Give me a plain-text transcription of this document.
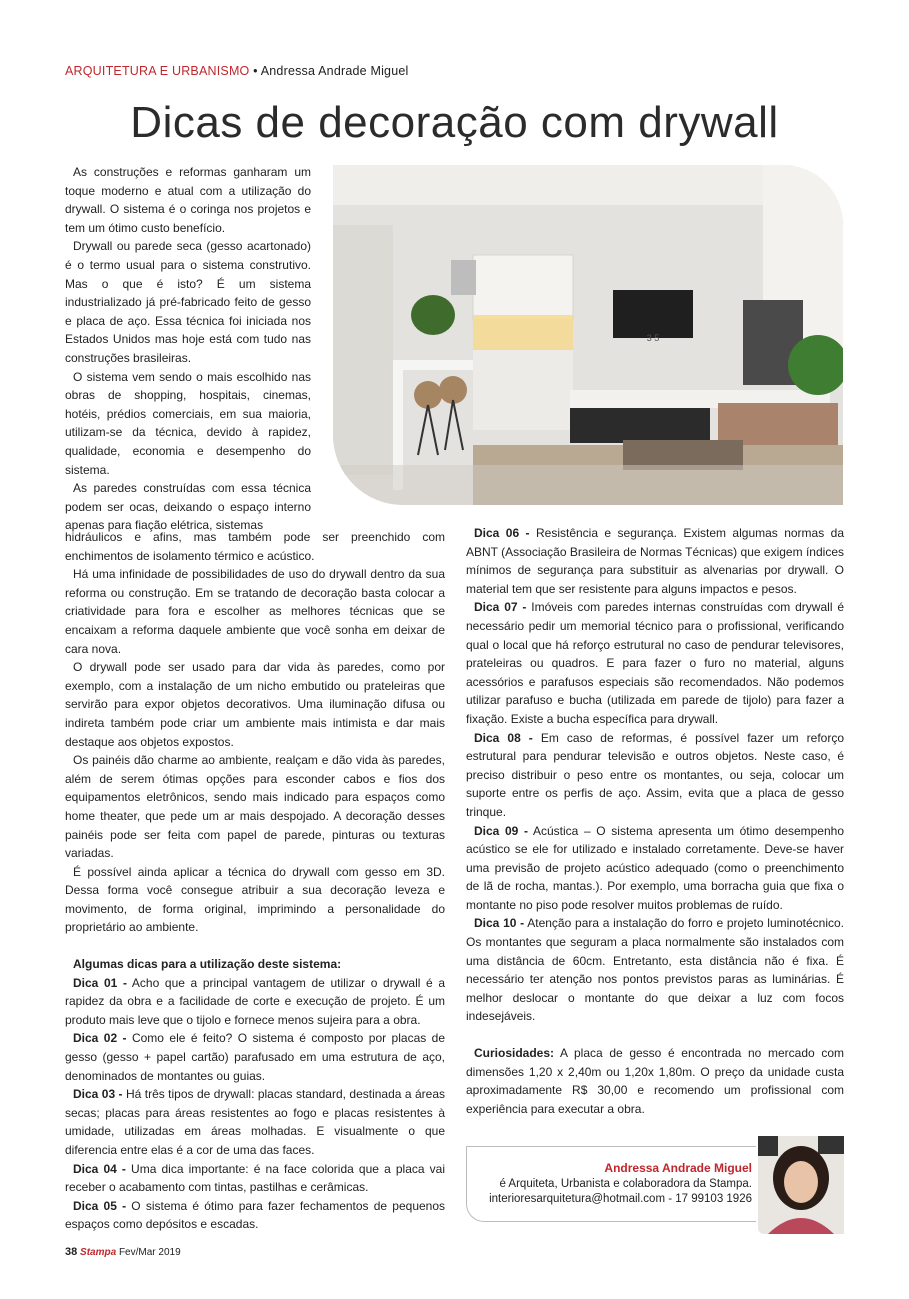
ARQUITETURA E URBANISMO • Andressa Andrade Miguel
Dicas de decoração com drywall
3 5

As construções e reformas ganharam um toque moderno e atual com a utilização do drywall. O sistema é o coringa nos projetos e tem um ótimo custo benefício.

Drywall ou parede seca (gesso acartonado) é o termo usual para o sistema construtivo. Mas o que é isto? É um sistema industrializado já pré-fabricado feito de gesso e placa de aço. Essa técnica foi iniciada nos Estados Unidos mas hoje está com tudo nas construções brasileiras.

O sistema vem sendo o mais escolhido nas obras de shopping, hospitais, cinemas, hotéis, prédios comerciais, em sua maioria, utilizam-se da técnica, devido à rapidez, qualidade, economia e desempenho do sistema.

As paredes construídas com essa técnica podem ser ocas, deixando o espaço interno apenas para fiação elétrica, sistemas

hidráulicos e afins, mas também pode ser preenchido com enchimentos de isolamento térmico e acústico.

Há uma infinidade de possibilidades de uso do drywall dentro da sua reforma ou construção. Em se tratando de decoração basta colocar a criatividade para fora e escolher as melhores técnicas que se encaixam a reforma daquele ambiente que você sonha em deixar de cara nova.

O drywall pode ser usado para dar vida às paredes, como por exemplo, com a instalação de um nicho embutido ou prateleiras que servirão para expor objetos decorativos. Uma iluminação difusa ou indireta também pode criar um ambiente mais intimista e dar mais destaque aos objetos expostos.

Os painéis dão charme ao ambiente, realçam e dão vida às paredes, além de serem ótimas opções para esconder cabos e fios dos equipamentos eletrônicos, sendo mais indicado para espaços como home theater, que pede um ar mais despojado. A decoração desses painéis pode ser feita com papel de parede, pinturas ou texturas variadas.

É possível ainda aplicar a técnica do drywall com gesso em 3D. Dessa forma você consegue atribuir a sua decoração leveza e movimento, de forma original, imprimindo a personalidade do proprietário ao ambiente.

Algumas dicas para a utilização deste sistema:

Dica 01 - Acho que a principal vantagem de utilizar o drywall é a rapidez da obra e a facilidade de corte e execução de projeto. É um produto mais leve que o tijolo e fornece menos sujeira para a obra.

Dica 02 - Como ele é feito? O sistema é composto por placas de gesso (gesso + papel cartão) parafusado em uma estrutura de aço, denominados de montantes ou guias.

Dica 03 - Há três tipos de drywall: placas standard, destinada a áreas secas; placas para áreas resistentes ao fogo e placas resistentes à umidade, utilizadas em áreas molhadas. E visualmente o que diferencia entre elas é a cor de uma das faces.

Dica 04 - Uma dica importante: é na face colorida que a placa vai receber o acabamento com tintas, pastilhas e cerâmicas.

Dica 05 - O sistema é ótimo para fazer fechamentos de pequenos espaços como depósitos e escadas.

Dica 06 - Resistência e segurança. Existem algumas normas da ABNT (Associação Brasileira de Normas Técnicas) que exigem índices mínimos de segurança para substituir as alvenarias por drywall. O material tem que ser resistente para alguns impactos e pesos.

Dica 07 - Imóveis com paredes internas construídas com drywall é necessário pedir um memorial técnico para o profissional, verificando qual o local que há reforço estrutural no caso de pendurar televisores, prateleiras ou quadros. E para fazer o furo no material, alguns acessórios e parafusos especiais são recomendados. Não podemos utilizar parafuso e bucha (utilizada em parede de tijolo) para fazer a fixação. Existe a bucha específica para drywall.

Dica 08 - Em caso de reformas, é possível fazer um reforço estrutural para pendurar televisão e outros objetos. Neste caso, é preciso distribuir o peso entre os montantes, ou seja, colocar um suporte entre os perfis de aço. Assim, evita que a placa de gesso trinque.

Dica 09 - Acústica – O sistema apresenta um ótimo desempenho acústico se ele for utilizado e instalado corretamente. Deve-se haver uma previsão de projeto acústico adequado (como o preenchimento de lã de rocha, mantas.). Por exemplo, uma borracha guia que fixa o montante no piso pode resolver muitos problemas de ruído.

Dica 10 - Atenção para a instalação do forro e projeto luminotécnico. Os montantes que seguram a placa normalmente são instalados com uma distância de 60cm. Entretanto, esta distância não é fixa. É necessário ter atenção nos pontos previstos paras as luminárias. É melhor deslocar o montante do que deixar a luz com focos indesejáveis.

Curiosidades: A placa de gesso é encontrada no mercado com dimensões 1,20 x 2,40m ou 1,20x 1,80m. O preço da unidade custa aproximadamente R$ 30,00 e recomendo um profissional com experiência para executar a obra.

Andressa Andrade Miguel
é Arquiteta, Urbanista e colaboradora da Stampa.
interioresarquitetura@hotmail.com - 17 99103 1926
38 Stampa Fev/Mar 2019
